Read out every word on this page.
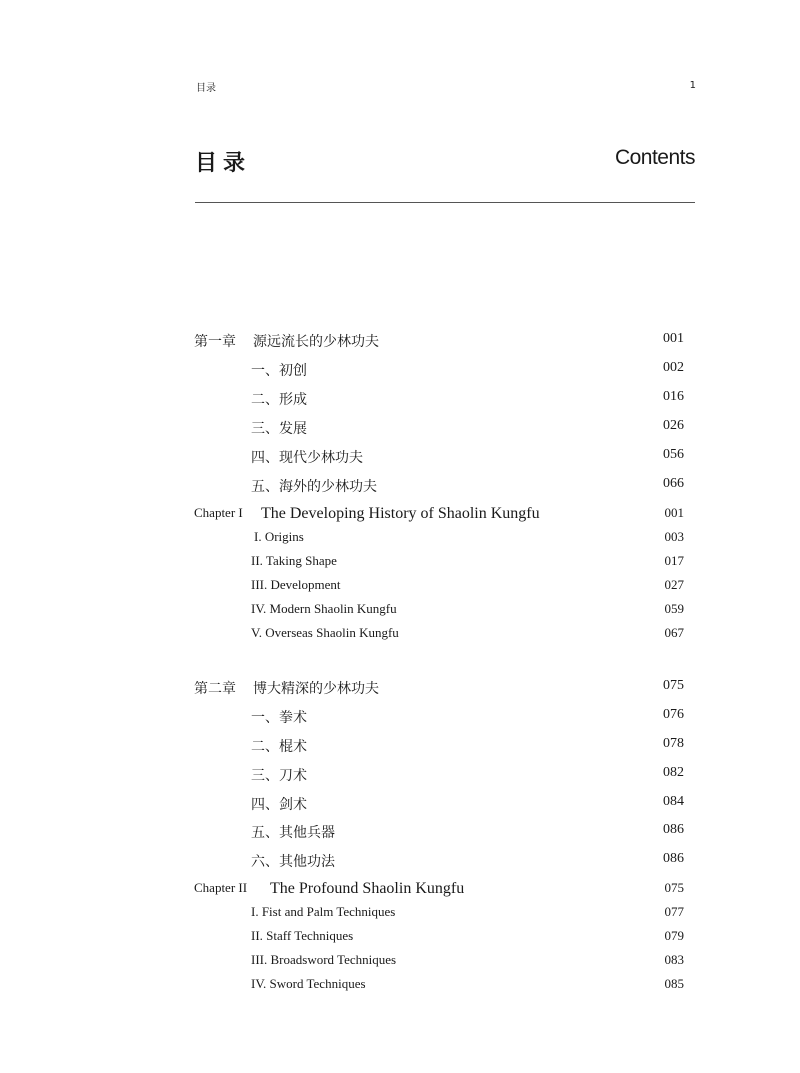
目录	1
目录	Contents
第一章 源远流长的少林功夫	001
一、初创	002
二、形成	016
三、发展	026
四、现代少林功夫	056
五、海外的少林功夫	066
Chapter I The Developing History of Shaolin Kungfu	001
I. Origins	003
II. Taking Shape	017
III. Development	027
IV. Modern Shaolin Kungfu	059
V. Overseas Shaolin Kungfu	067
第二章 博大精深的少林功夫	075
一、拳术	076
二、棍术	078
三、刀术	082
四、剑术	084
五、其他兵器	086
六、其他功法	086
Chapter II The Profound Shaolin Kungfu	075
I. Fist and Palm Techniques	077
II. Staff Techniques	079
III. Broadsword Techniques	083
IV. Sword Techniques	085
